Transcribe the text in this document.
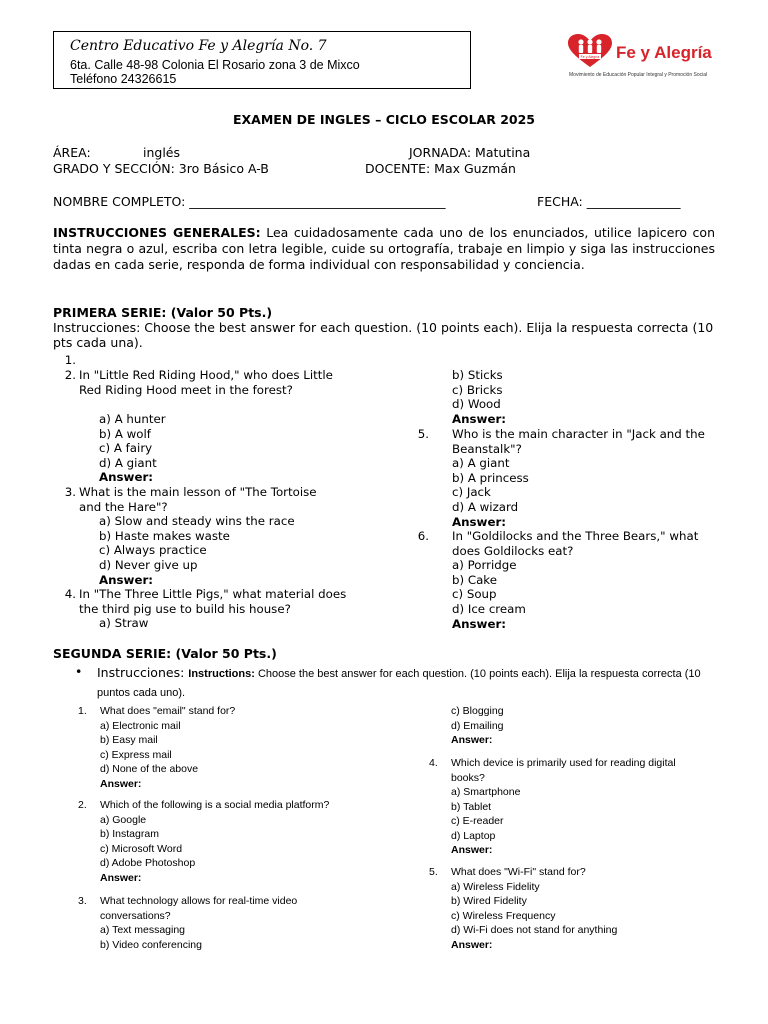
Centro Educativo Fe y Alegría No. 7
6ta. Calle 48-98 Colonia El Rosario zona 3 de Mixco
Teléfono 24326615
Fe y Alegría Fe y Alegría
Movimiento de Educación Popular Integral y Promoción Social
EXAMEN DE INGLES – CICLO ESCOLAR 2025
ÁREA:	inglés	JORNADA: Matutina
GRADO Y SECCIÓN: 3ro Básico A-B	DOCENTE: Max Guzmán
NOMBRE COMPLETO: _________________________________________	FECHA: _______________
INSTRUCCIONES GENERALES: Lea cuidadosamente cada uno de los enunciados, utilice lapicero con tinta negra o azul, escriba con letra legible, cuide su ortografía, trabaje en limpio y siga las instrucciones dadas en cada serie, responda de forma individual con responsabilidad y conciencia.
PRIMERA SERIE: (Valor 50 Pts.)
Instrucciones: Choose the best answer for each question. (10 points each). Elija la respuesta correcta (10 pts cada una).
1.
2. In "Little Red Riding Hood," who does Little Red Riding Hood meet in the forest?
a) A hunter
b) A wolf
c) A fairy
d) A giant
Answer:
3. What is the main lesson of "The Tortoise and the Hare"?
a) Slow and steady wins the race
b) Haste makes waste
c) Always practice
d) Never give up
Answer:
4. In "The Three Little Pigs," what material does the third pig use to build his house?
a) Straw
b) Sticks
c) Bricks
d) Wood
Answer:
5. Who is the main character in "Jack and the Beanstalk"?
a) A giant
b) A princess
c) Jack
d) A wizard
Answer:
6. In "Goldilocks and the Three Bears," what does Goldilocks eat?
a) Porridge
b) Cake
c) Soup
d) Ice cream
Answer:
SEGUNDA SERIE: (Valor 50 Pts.)
• Instrucciones: Instructions: Choose the best answer for each question. (10 points each). Elija la respuesta correcta (10 puntos cada uno).
1. What does "email" stand for?
a) Electronic mail
b) Easy mail
c) Express mail
d) None of the above
Answer:
2. Which of the following is a social media platform?
a) Google
b) Instagram
c) Microsoft Word
d) Adobe Photoshop
Answer:
3. What technology allows for real-time video conversations?
a) Text messaging
b) Video conferencing
c) Blogging
d) Emailing
Answer:
4. Which device is primarily used for reading digital books?
a) Smartphone
b) Tablet
c) E-reader
d) Laptop
Answer:
5. What does "Wi-Fi" stand for?
a) Wireless Fidelity
b) Wired Fidelity
c) Wireless Frequency
d) Wi-Fi does not stand for anything
Answer:
